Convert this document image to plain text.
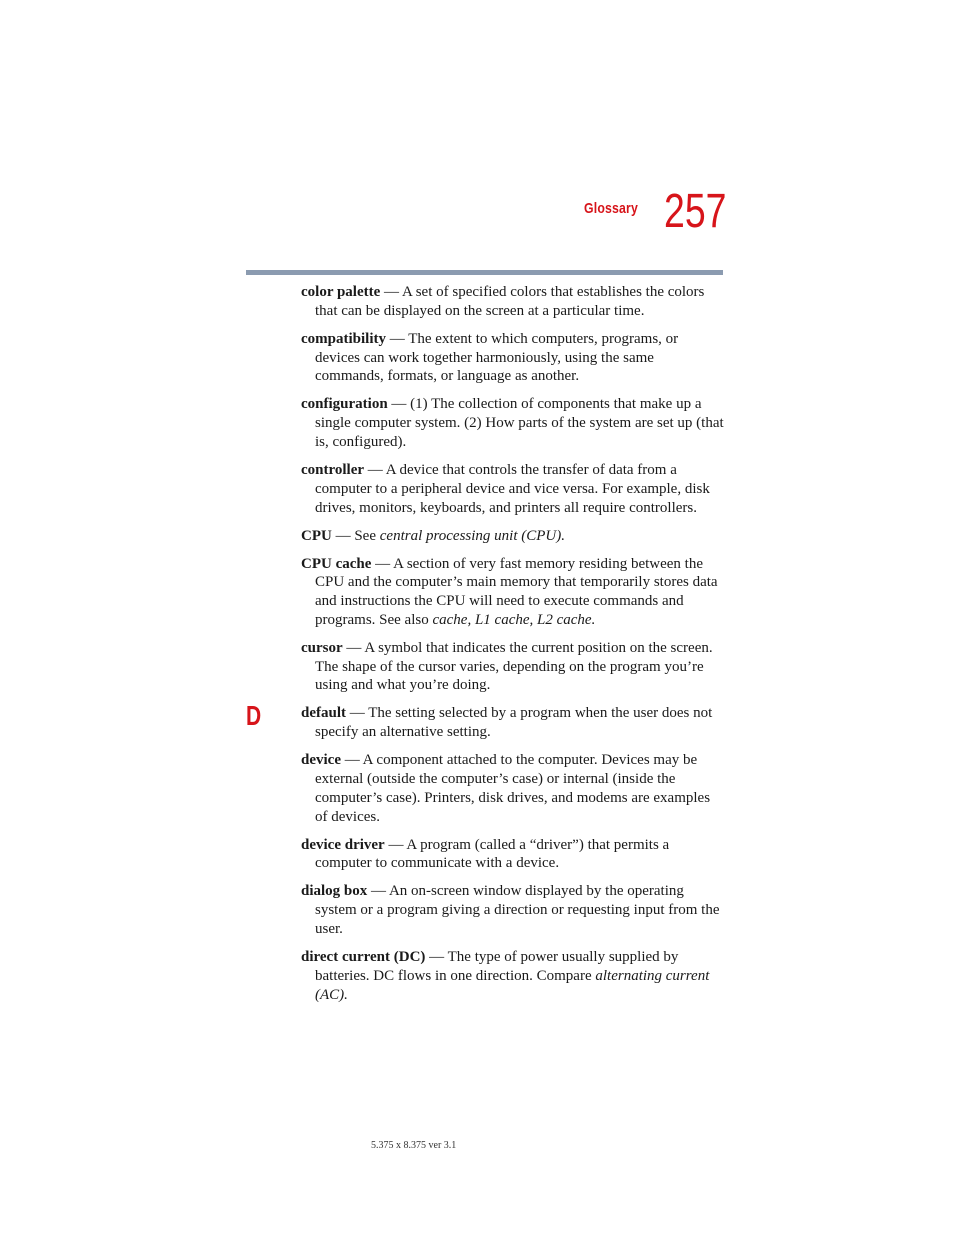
Glossary 257
D

color palette — A set of specified colors that establishes the colors that can be displayed on the screen at a particular time.

compatibility — The extent to which computers, programs, or devices can work together harmoniously, using the same commands, formats, or language as another.

configuration — (1) The collection of components that make up a single computer system. (2) How parts of the system are set up (that is, configured).

controller — A device that controls the transfer of data from a computer to a peripheral device and vice versa. For example, disk drives, monitors, keyboards, and printers all require controllers.

CPU — See central processing unit (CPU).

CPU cache — A section of very fast memory residing between the CPU and the computer’s main memory that temporarily stores data and instructions the CPU will need to execute commands and programs. See also cache, L1 cache, L2 cache.

cursor — A symbol that indicates the current position on the screen. The shape of the cursor varies, depending on the program you’re using and what you’re doing.

default — The setting selected by a program when the user does not specify an alternative setting.

device — A component attached to the computer. Devices may be external (outside the computer’s case) or internal (inside the computer’s case). Printers, disk drives, and modems are examples of devices.

device driver — A program (called a “driver”) that permits a computer to communicate with a device.

dialog box — An on-screen window displayed by the operating system or a program giving a direction or requesting input from the user.

direct current (DC) — The type of power usually supplied by batteries. DC flows in one direction. Compare alternating current (AC).

5.375 x 8.375 ver 3.1
